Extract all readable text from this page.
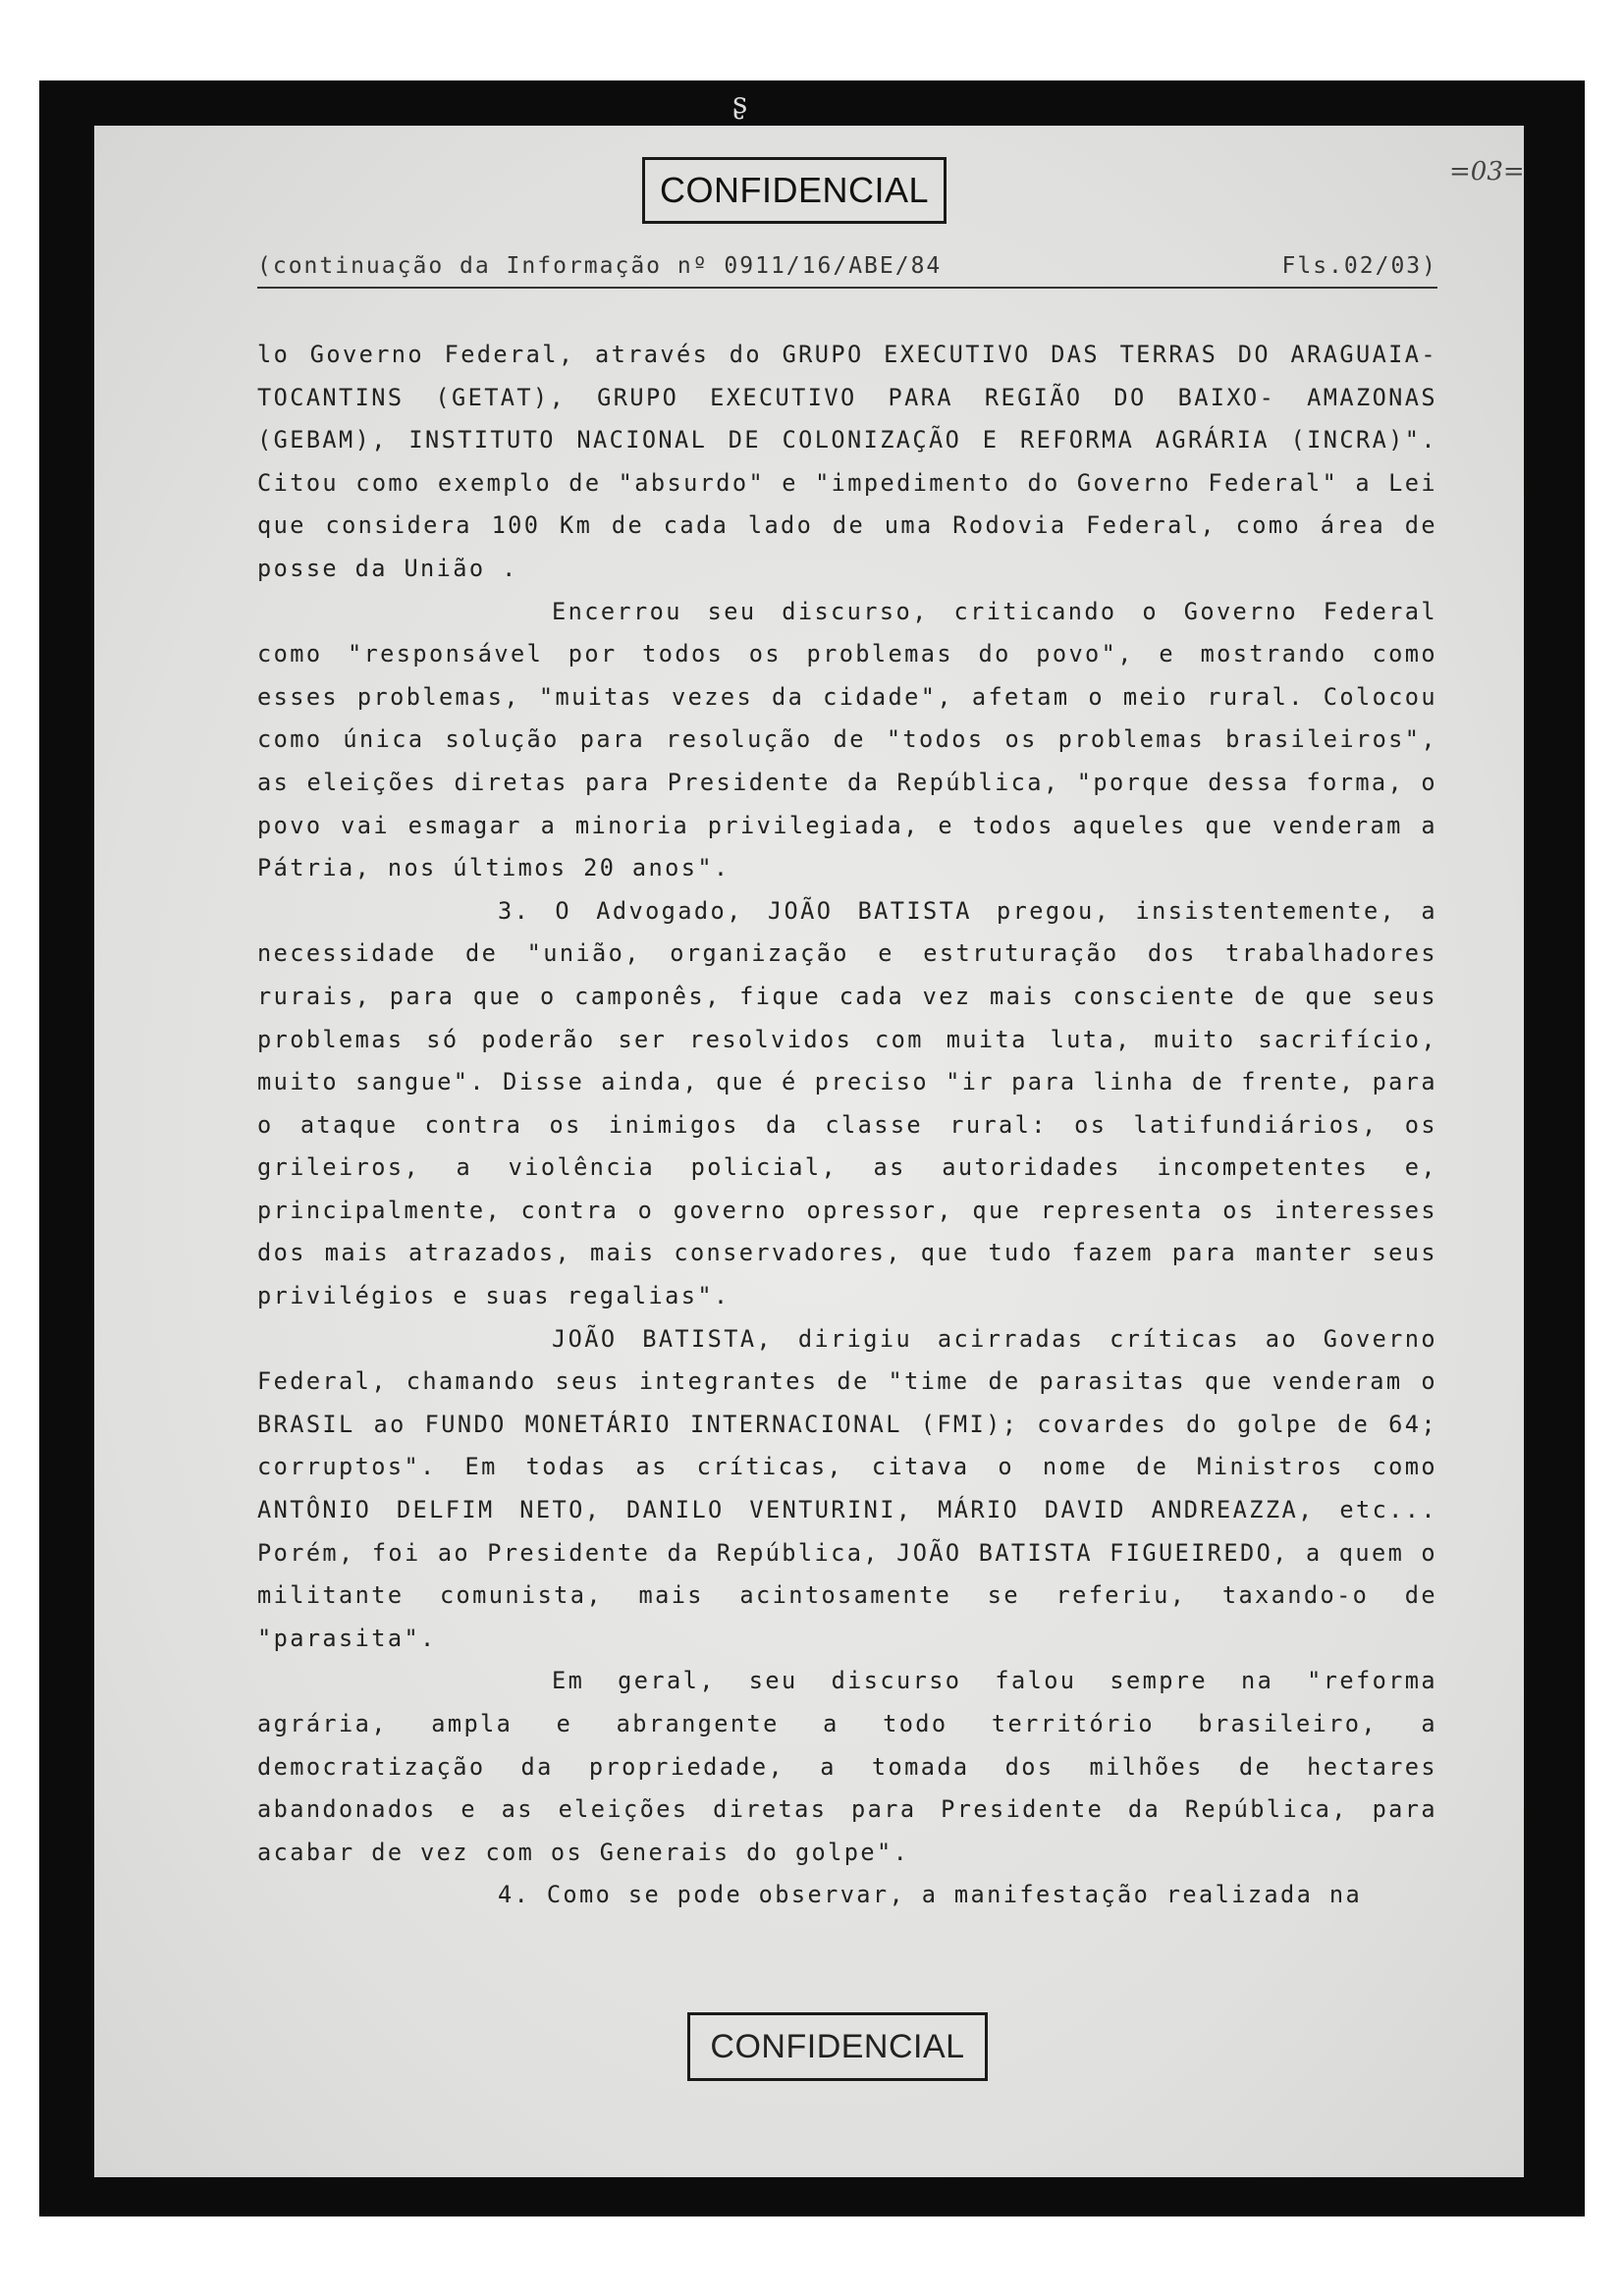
ʂ
CONFIDENCIAL	=03=
(continuação da Informação nº 0911/16/ABE/84	Fls.02/03)

lo Governo Federal, através do GRUPO EXECUTIVO DAS TERRAS DO ARAGUAIA-TOCANTINS (GETAT), GRUPO EXECUTIVO PARA REGIÃO DO BAIXO- AMAZONAS (GEBAM), INSTITUTO NACIONAL DE COLONIZAÇÃO E REFORMA AGRÁRIA (INCRA)". Citou como exemplo de "absurdo" e "impedimento do Governo Federal" a Lei que considera 100 Km de cada lado de uma Rodovia Federal, como área de posse da União .

Encerrou seu discurso, criticando o Governo Federal como "responsável por todos os problemas do povo", e mostrando como esses problemas, "muitas vezes da cidade", afetam o meio rural. Colocou como única solução para resolução de "todos os problemas brasileiros", as eleições diretas para Presidente da República, "porque dessa forma, o povo vai esmagar a minoria privilegiada, e todos aqueles que venderam a Pátria, nos últimos 20 anos".

3. O Advogado, JOÃO BATISTA pregou, insistentemente, a necessidade de "união, organização e estruturação dos trabalhadores rurais, para que o camponês, fique cada vez mais consciente de que seus problemas só poderão ser resolvidos com muita luta, muito sacrifício, muito sangue". Disse ainda, que é preciso "ir para linha de frente, para o ataque contra os inimigos da classe rural: os latifundiários, os grileiros, a violência policial, as autoridades incompetentes e, principalmente, contra o governo opressor, que representa os interesses dos mais atrazados, mais conservadores, que tudo fazem para manter seus privilégios e suas regalias".

JOÃO BATISTA, dirigiu acirradas críticas ao Governo Federal, chamando seus integrantes de "time de parasitas que venderam o BRASIL ao FUNDO MONETÁRIO INTERNACIONAL (FMI); covardes do golpe de 64; corruptos". Em todas as críticas, citava o nome de Ministros como ANTÔNIO DELFIM NETO, DANILO VENTURINI, MÁRIO DAVID ANDREAZZA, etc... Porém, foi ao Presidente da República, JOÃO BATISTA FIGUEIREDO, a quem o militante comunista, mais acintosamente se referiu, taxando-o de "parasita".

Em geral, seu discurso falou sempre na "reforma agrária, ampla e abrangente a todo território brasileiro, a democratização da propriedade, a tomada dos milhões de hectares abandonados e as eleições diretas para Presidente da República, para acabar de vez com os Generais do golpe".

4. Como se pode observar, a manifestação realizada na

CONFIDENCIAL
